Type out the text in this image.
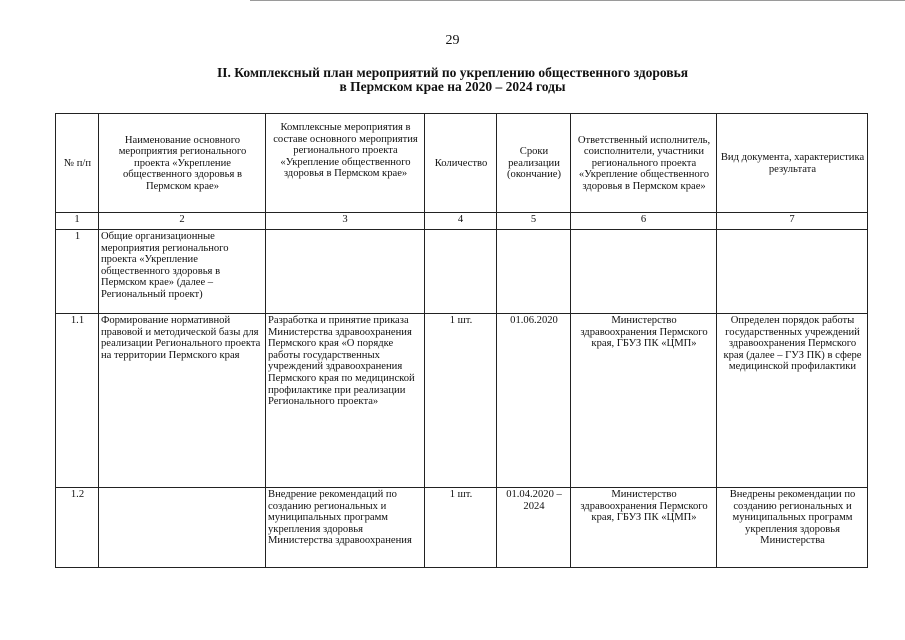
29
II. Комплексный план мероприятий по укреплению общественного здоровья
в Пермском крае на 2020 – 2024 годы
№ п/п	Наименование основного мероприятия регионального проекта «Укрепление общественного здоровья в Пермском крае»	Комплексные мероприятия в составе основного мероприятия регионального проекта «Укрепление общественного здоровья в Пермском крае»	Количество	Сроки реализации (окончание)	Ответственный исполнитель, соисполнители, участники регионального проекта «Укрепление общественного здоровья в Пермском крае»	Вид документа, характеристика результата
1	2	3	4	5	6	7
1	Общие организационные мероприятия регионального проекта «Укрепление общественного здоровья в Пермском крае» (далее – Региональный проект)					
1.1	Формирование нормативной правовой и методической базы для реализации Регионального проекта на территории Пермского края	Разработка и принятие приказа Министерства здравоохранения Пермского края «О порядке работы государственных учреждений здравоохранения Пермского края по медицинской профилактике при реализации Регионального проекта»	1 шт.	01.06.2020	Министерство здравоохранения Пермского края, ГБУЗ ПК «ЦМП»	Определен порядок работы государственных учреждений здравоохранения Пермского края (далее – ГУЗ ПК) в сфере медицинской профилактики
1.2		Внедрение рекомендаций по созданию региональных и муниципальных программ укрепления здоровья Министерства здравоохранения	1 шт.	01.04.2020 – 2024	Министерство здравоохранения Пермского края, ГБУЗ ПК «ЦМП»	Внедрены рекомендации по созданию региональных и муниципальных программ укрепления здоровья Министерства
